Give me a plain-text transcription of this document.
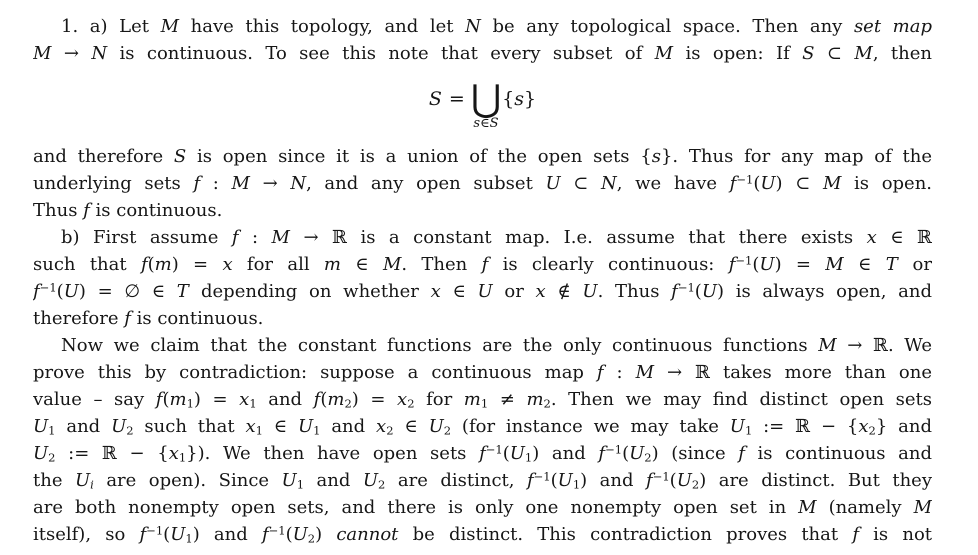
1. a) Let M have this topology, and let N be any topological space. Then any set map
M → N is continuous. To see this note that every subset of M is open: If S ⊂ M, then
S = ⋃
s∈S
{ s }
and therefore S is open since it is a union of the open sets {s}. Thus for any map of the
underlying sets f : M → N, and any open subset U ⊂ N, we have $f^{-1}(U)$ ⊂ M is open.
Thus f is continuous.
b) First assume f : M → ℝ is a constant map. I.e. assume that there exists x ∈ ℝ
such that f(m) = x for all m ∈ M. Then f is clearly continuous: $f^{-1}(U) = M$ ∈ T or
$f^{-1}(U)$ = ∅ ∈ T depending on whether x ∈ U or x ∉ U. Thus $f^{-1}(U)$ is always open, and
therefore f is continuous.
Now we claim that the constant functions are the only continuous functions M → ℝ. We
prove this by contradiction: suppose a continuous map f : M → ℝ takes more than one
value – say $f(m_1) = x_1$ and $f(m_2) = x_2$ for $m_1 \ne m_2$. Then we may find distinct open sets
$U_1$ and $U_2$ such that $x_1$ ∈ $U_1$ and $x_2$ ∈ $U_2$ (for instance we may take $U_1$ := ℝ − $\{x_2\}$ and
$U_2$ := ℝ − $\{x_1\}$). We then have open sets $f^{-1}(U_1)$ and $f^{-1}(U_2)$ (since f is continuous and
the $U_i$ are open). Since $U_1$ and $U_2$ are distinct, $f^{-1}(U_1)$ and $f^{-1}(U_2)$ are distinct. But they
are both nonempty open sets, and there is only one nonempty open set in M (namely M
itself), so $f^{-1}(U_1)$ and $f^{-1}(U_2)$ cannot be distinct. This contradiction proves that f is not
